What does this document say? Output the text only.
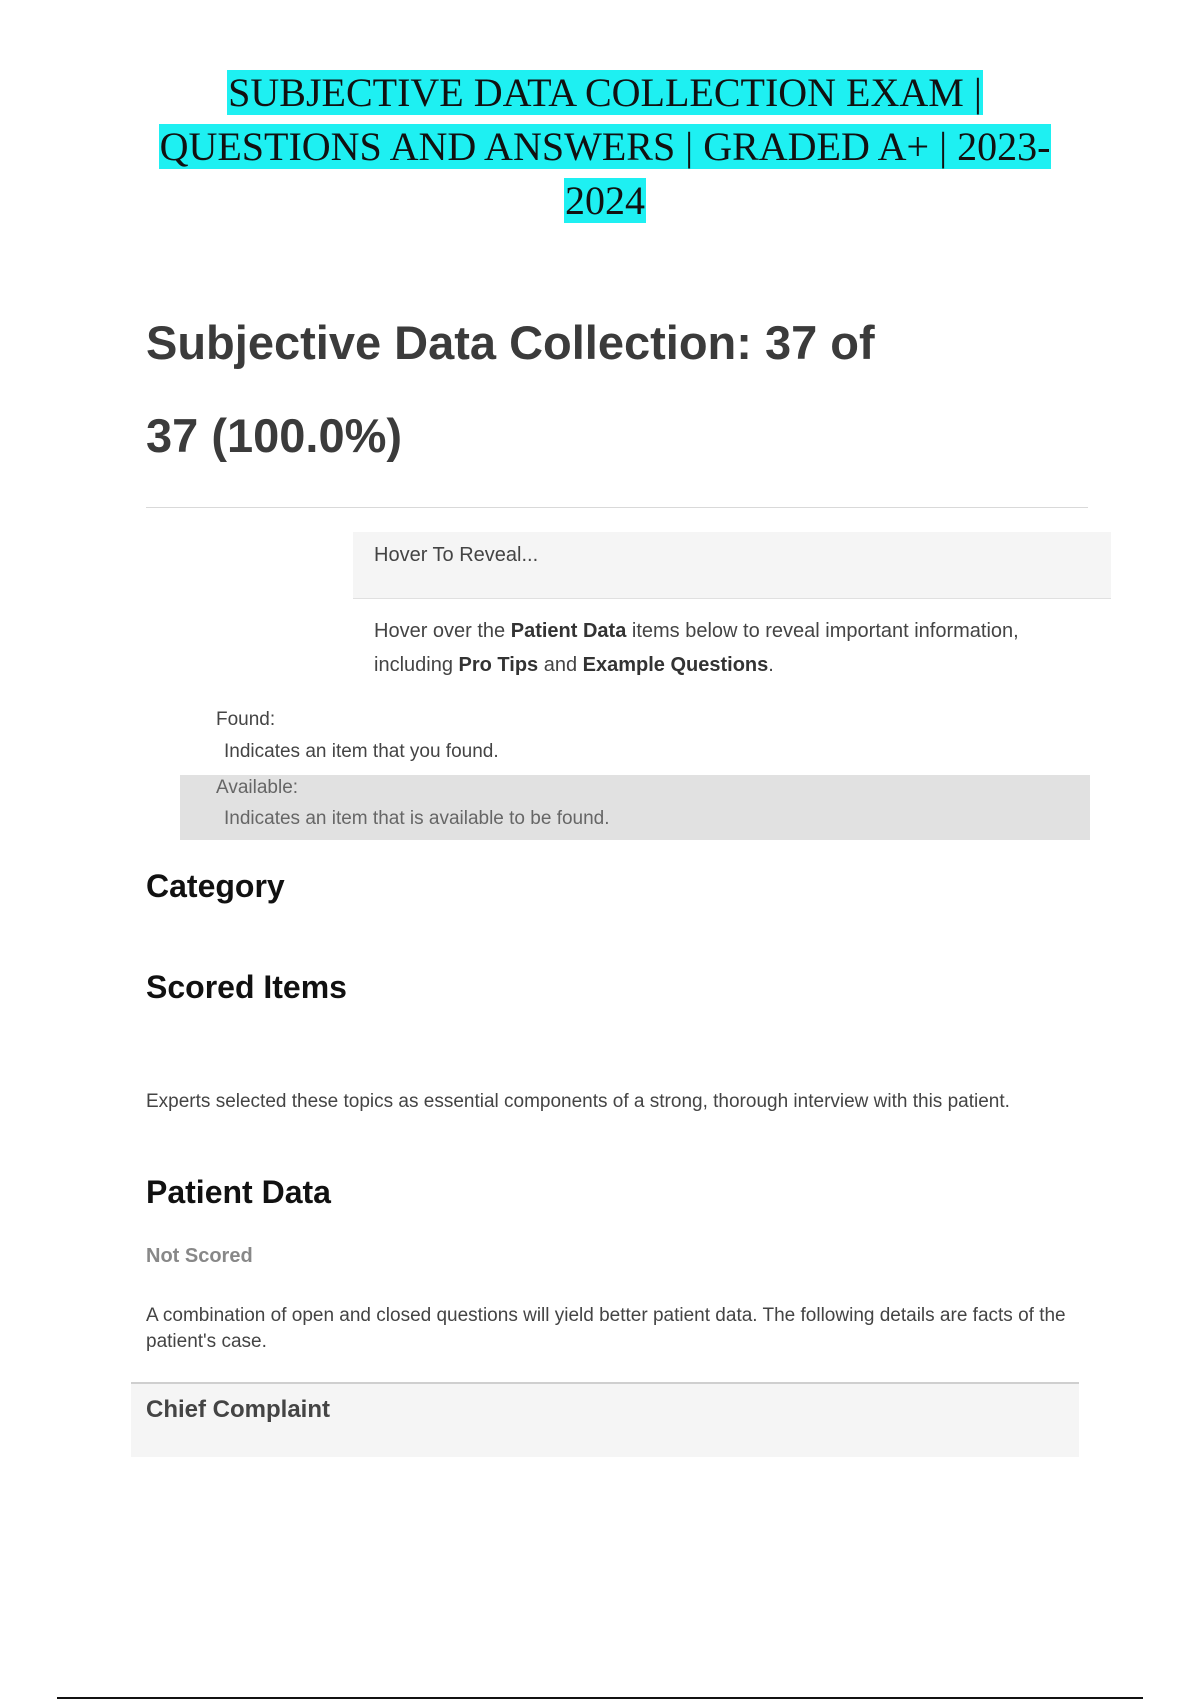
SUBJECTIVE DATA COLLECTION EXAM |
QUESTIONS AND ANSWERS | GRADED A+ | 2023-
2024
Subjective Data Collection: 37 of
37 (100.0%)
Hover To Reveal...
Hover over the Patient Data items below to reveal important information, including Pro Tips and Example Questions.
Found:
Indicates an item that you found.
Available:
Indicates an item that is available to be found.
Category
Scored Items

Experts selected these topics as essential components of a strong, thorough interview with this patient.

Patient Data
Not Scored

A combination of open and closed questions will yield better patient data. The following details are facts of the patient's case.

Chief Complaint
